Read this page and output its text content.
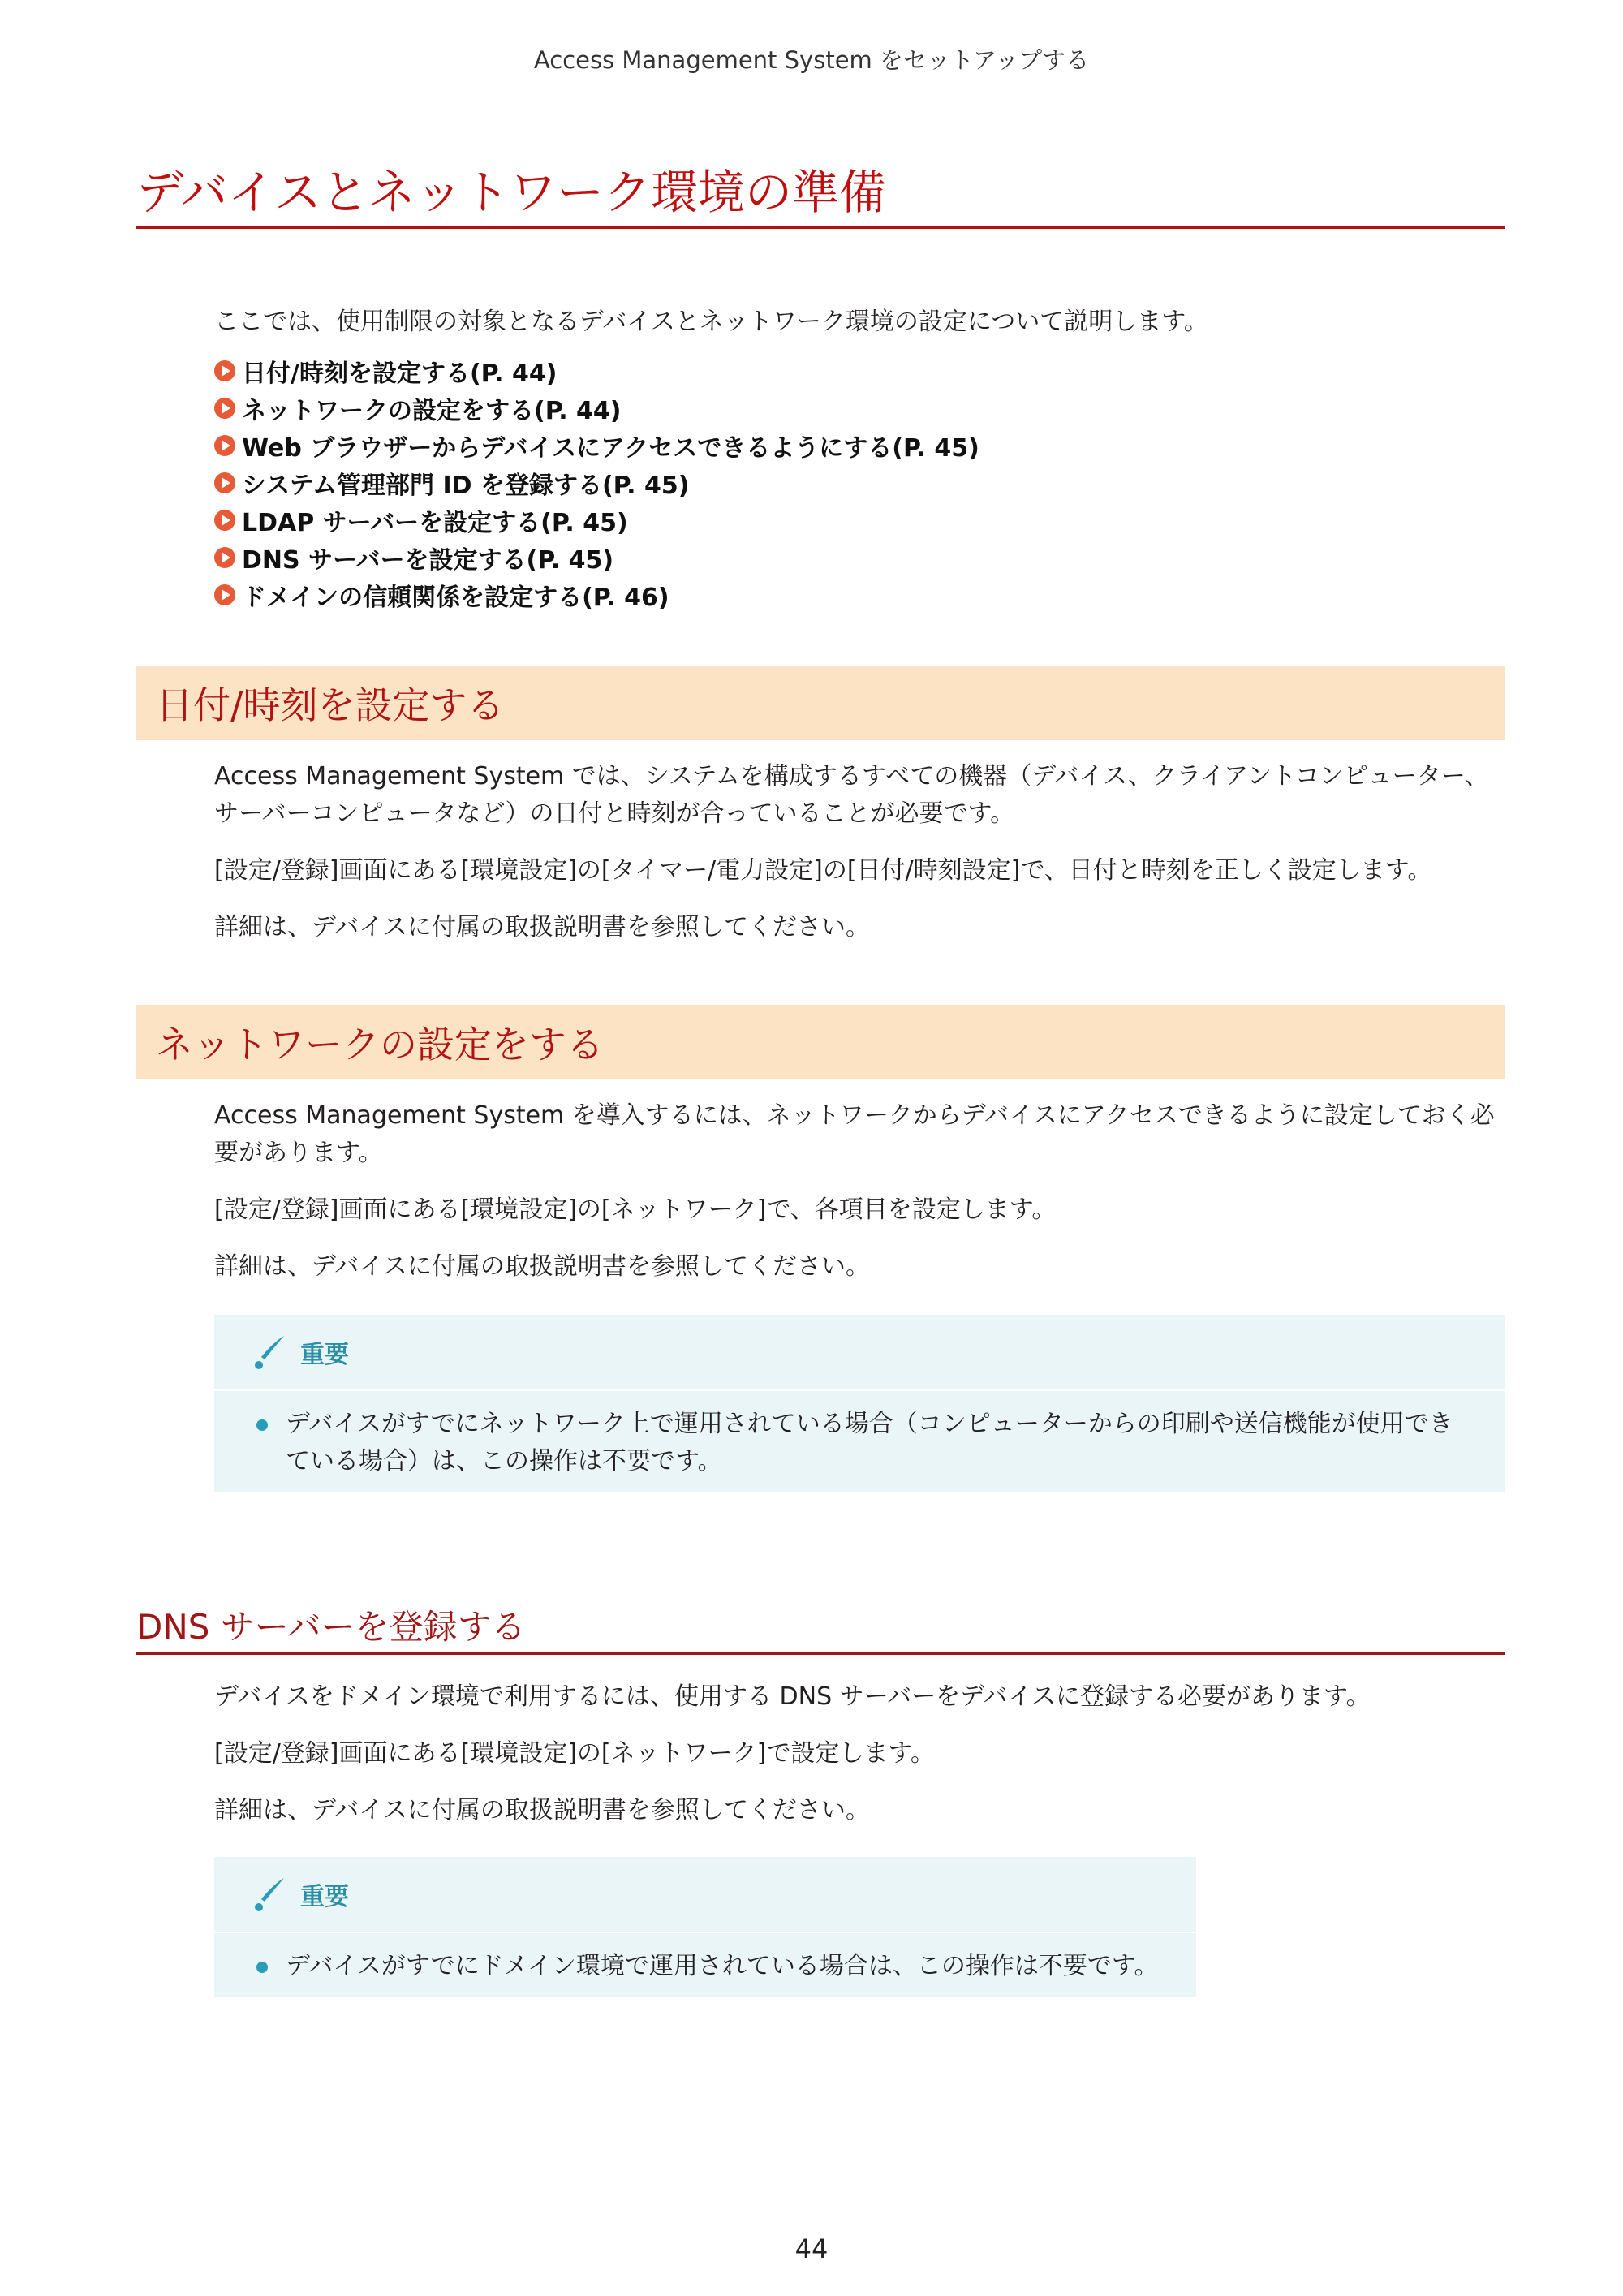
Access Management System をセットアップする
デバイスとネットワーク環境の準備

ここでは、使用制限の対象となるデバイスとネットワーク環境の設定について説明します。

日付/時刻を設定する(P. 44)
ネットワークの設定をする(P. 44)
Web ブラウザーからデバイスにアクセスできるようにする(P. 45)
システム管理部門 ID を登録する(P. 45)
LDAP サーバーを設定する(P. 45)
DNS サーバーを設定する(P. 45)
ドメインの信頼関係を設定する(P. 46)
日付/時刻を設定する

Access Management System では、システムを構成するすべての機器（デバイス、クライアントコンピューター、サーバーコンピュータなど）の日付と時刻が合っていることが必要です。

[設定/登録]画面にある[環境設定]の[タイマー/電力設定]の[日付/時刻設定]で、日付と時刻を正しく設定します。

詳細は、デバイスに付属の取扱説明書を参照してください。

ネットワークの設定をする

Access Management System を導入するには、ネットワークからデバイスにアクセスできるように設定しておく必要があります。

[設定/登録]画面にある[環境設定]の[ネットワーク]で、各項目を設定します。

詳細は、デバイスに付属の取扱説明書を参照してください。

重要
デバイスがすでにネットワーク上で運用されている場合（コンピューターからの印刷や送信機能が使用できている場合）は、この操作は不要です。
DNS サーバーを登録する

デバイスをドメイン環境で利用するには、使用する DNS サーバーをデバイスに登録する必要があります。

[設定/登録]画面にある[環境設定]の[ネットワーク]で設定します。

詳細は、デバイスに付属の取扱説明書を参照してください。

重要
デバイスがすでにドメイン環境で運用されている場合は、この操作は不要です。
44
